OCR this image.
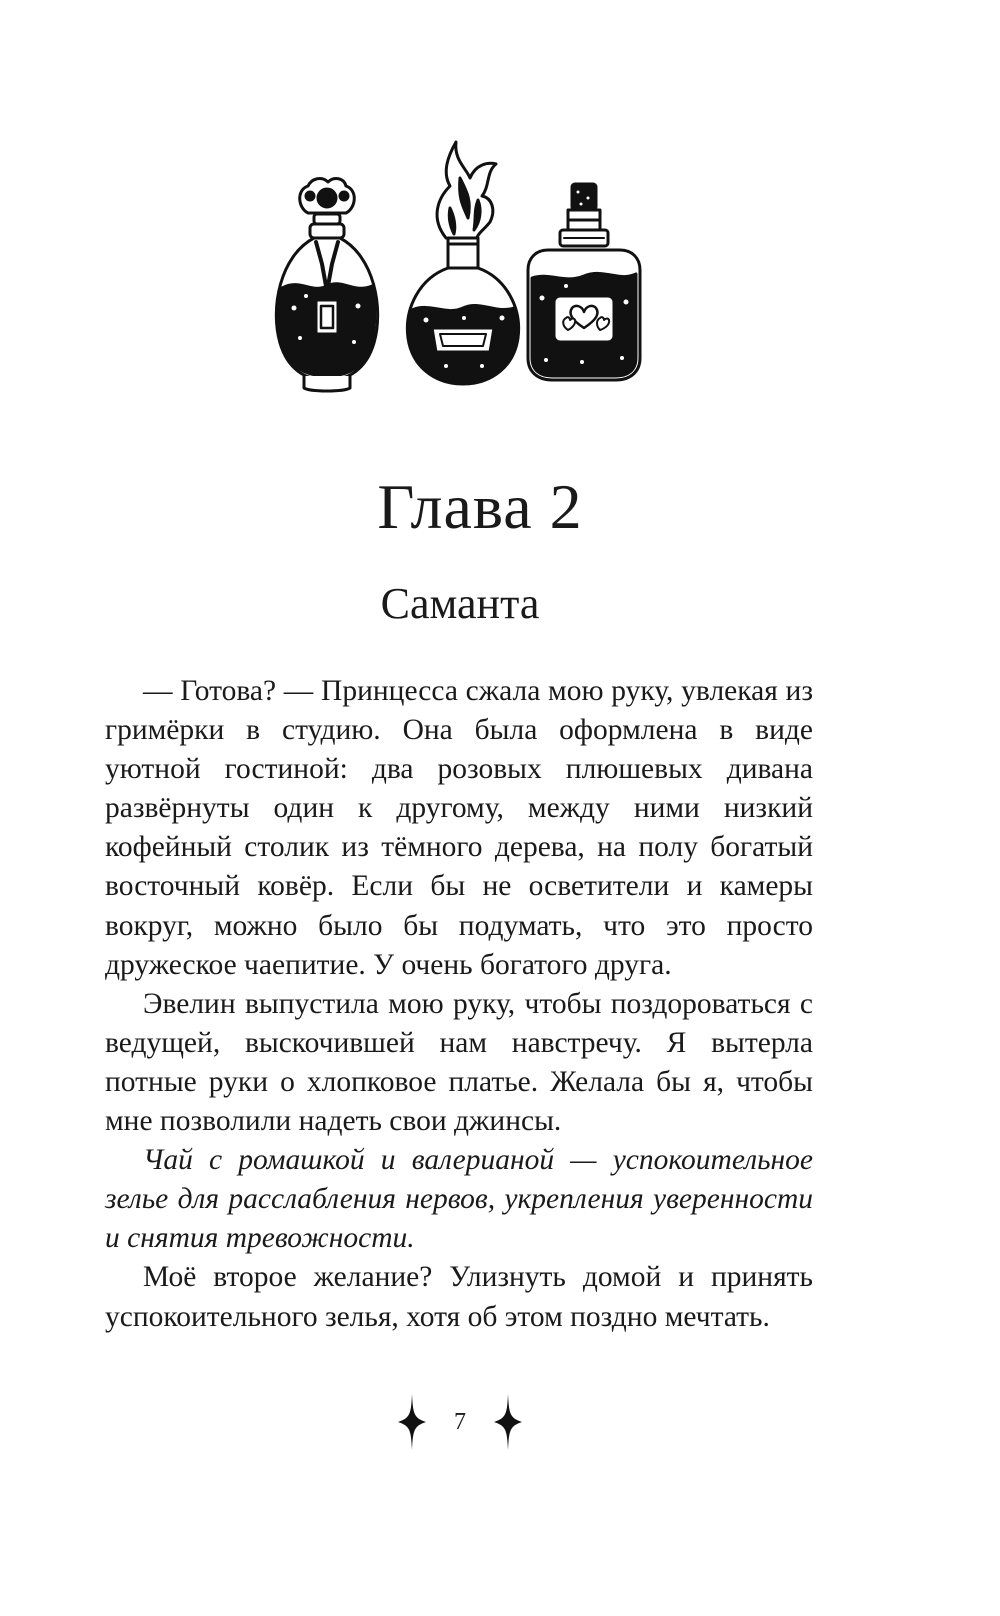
Глава 2
Саманта

— Готова? — Принцесса сжала мою руку, увлекая из гримёрки в студию. Она была оформлена в виде уютной гостиной: два розовых плюшевых дивана развёрнуты один к другому, между ними низкий кофейный столик из тёмного дерева, на полу богатый восточный ковёр. Если бы не осветители и камеры вокруг, можно было бы подумать, что это просто дружеское чаепитие. У очень богатого друга.

Эвелин выпустила мою руку, чтобы поздороваться с ведущей, выскочившей нам навстречу. Я вытерла потные руки о хлопковое платье. Желала бы я, чтобы мне позволили надеть свои джинсы.

Чай с ромашкой и валерианой — успокоительное зелье для расслабления нервов, укрепления уверенности и снятия тревожности.

Моё второе желание? Улизнуть домой и принять успокоительного зелья, хотя об этом поздно мечтать.

7
